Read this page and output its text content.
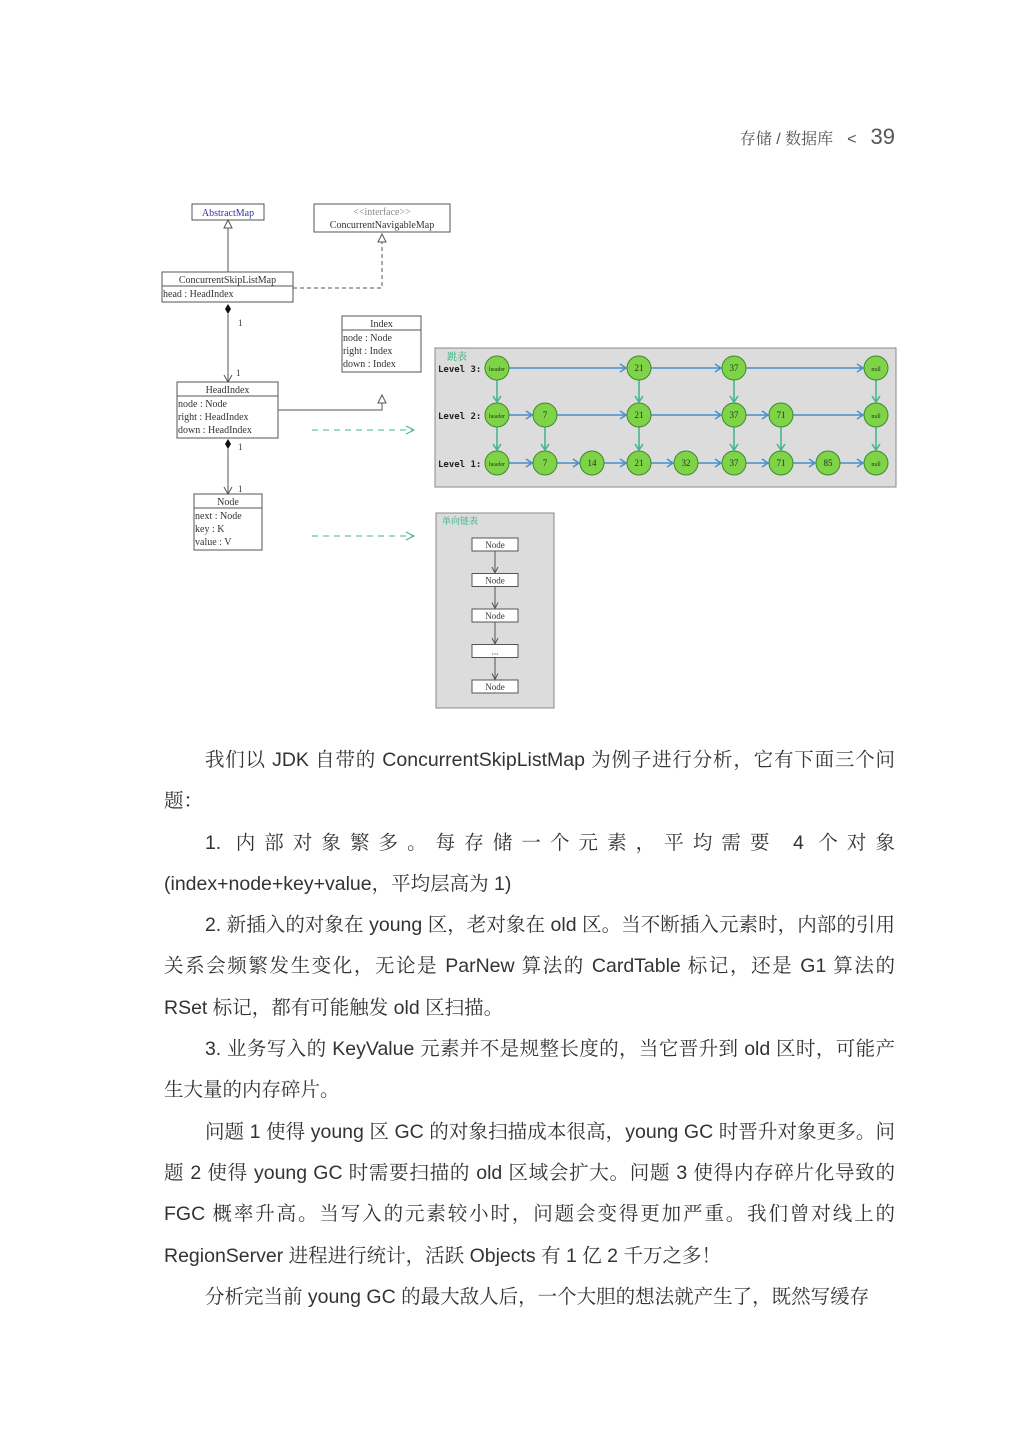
存储 / 数据库 < 39
AbstractMap	<<interface>>
ConcurrentNavigableMap
ConcurrentSkipListMap
head : HeadIndex
Index
node : Node
right : Index
down : Index
HeadIndex
node : Node
right : HeadIndex
down : HeadIndex
Node
next : Node
key : K
value : V
1
1
1
1
跳表
Level 3: header	21	37	null
Level 2: header	7	21	37	71	null
Level 1: header	7	14	21	32	37	71	85	null
单向链表
Node
Node
Node
...
Node

我们以 JDK 自带的 ConcurrentSkipListMap 为例子进行分析，它有下面三个问题：

1. 内部对象繁多。每存储一个元素，平均需要 4 个对象 (index+node+key+value，平均层高为 1)

2. 新插入的对象在 young 区，老对象在 old 区。当不断插入元素时，内部的引用关系会频繁发生变化，无论是 ParNew 算法的 CardTable 标记，还是 G1 算法的 RSet 标记，都有可能触发 old 区扫描。

3. 业务写入的 KeyValue 元素并不是规整长度的，当它晋升到 old 区时，可能产生大量的内存碎片。

问题 1 使得 young 区 GC 的对象扫描成本很高，young GC 时晋升对象更多。问题 2 使得 young GC 时需要扫描的 old 区域会扩大。问题 3 使得内存碎片化导致的 FGC 概率升高。当写入的元素较小时，问题会变得更加严重。我们曾对线上的 RegionServer 进程进行统计，活跃 Objects 有 1 亿 2 千万之多！

分析完当前 young GC 的最大敌人后，一个大胆的想法就产生了，既然写缓存
